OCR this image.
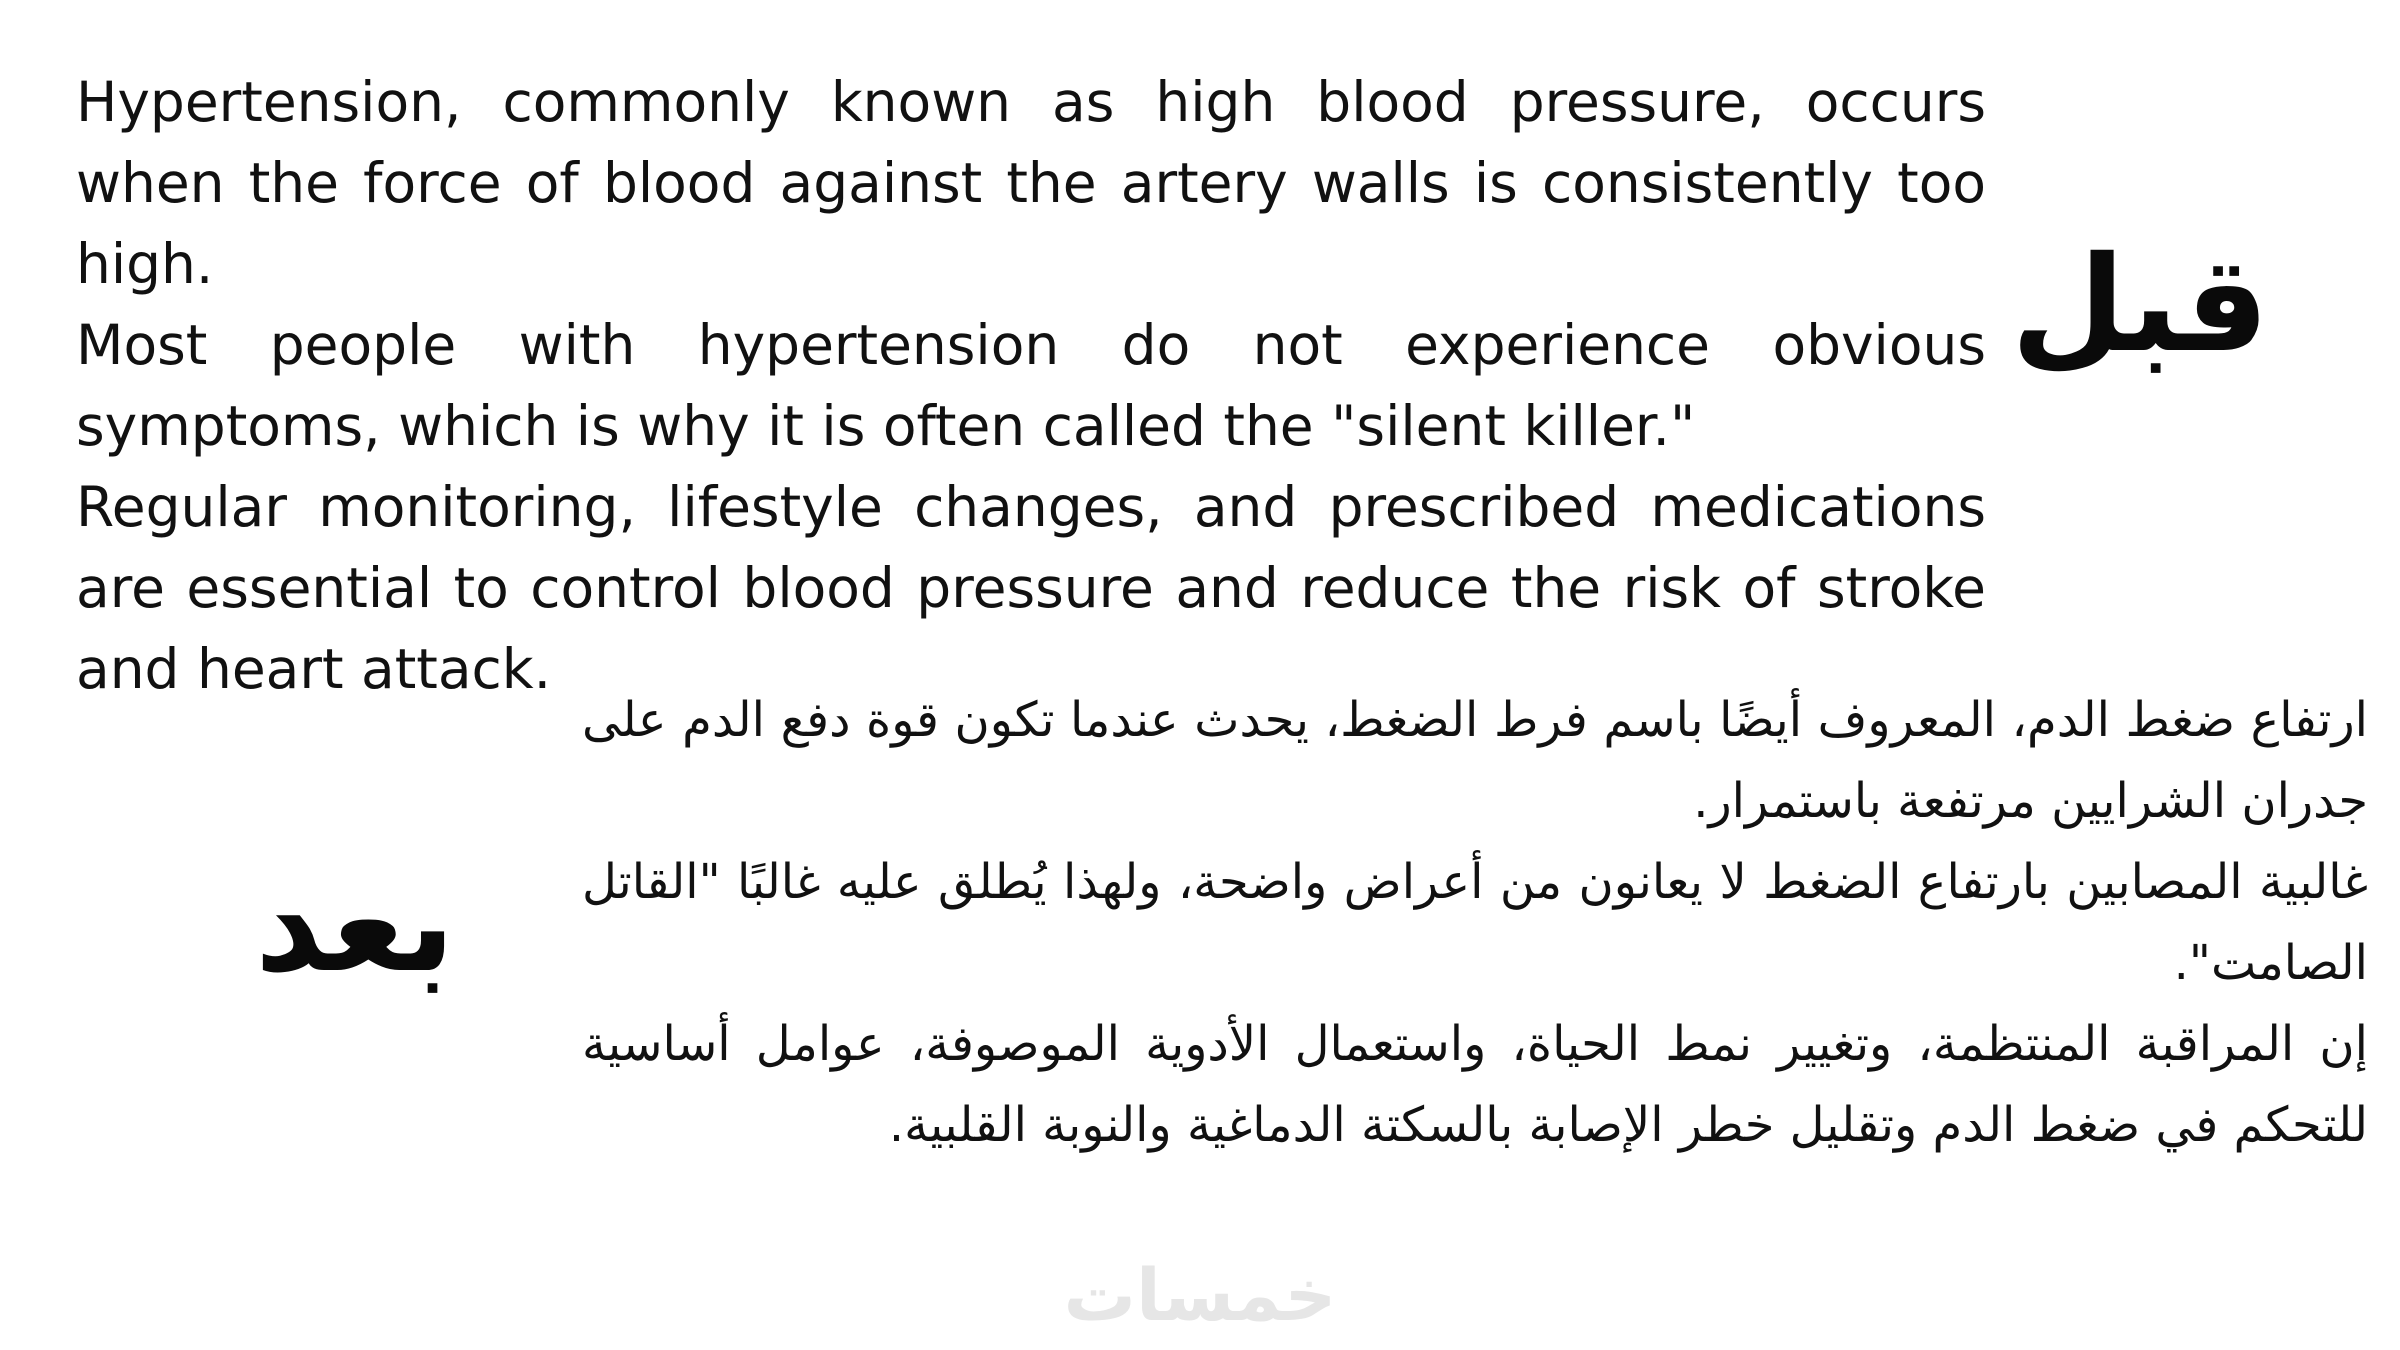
Hypertension, commonly known as high blood pressure, occurs when the force of blood against the artery walls is consistently too high.

Most people with hypertension do not experience obvious symptoms, which is why it is often called the "silent killer."

Regular monitoring, lifestyle changes, and prescribed medications are essential to control blood pressure and reduce the risk of stroke and heart attack.

قبل
بعد

ارتفاع ضغط الدم، المعروف أيضًا باسم فرط الضغط، يحدث عندما تكون قوة دفع الدم على جدران الشرايين مرتفعة باستمرار.

غالبية المصابين بارتفاع الضغط لا يعانون من أعراض واضحة، ولهذا يُطلق عليه غالبًا "القاتل الصامت".

إن المراقبة المنتظمة، وتغيير نمط الحياة، واستعمال الأدوية الموصوفة، عوامل أساسية للتحكم في ضغط الدم وتقليل خطر الإصابة بالسكتة الدماغية والنوبة القلبية.

خمسات
